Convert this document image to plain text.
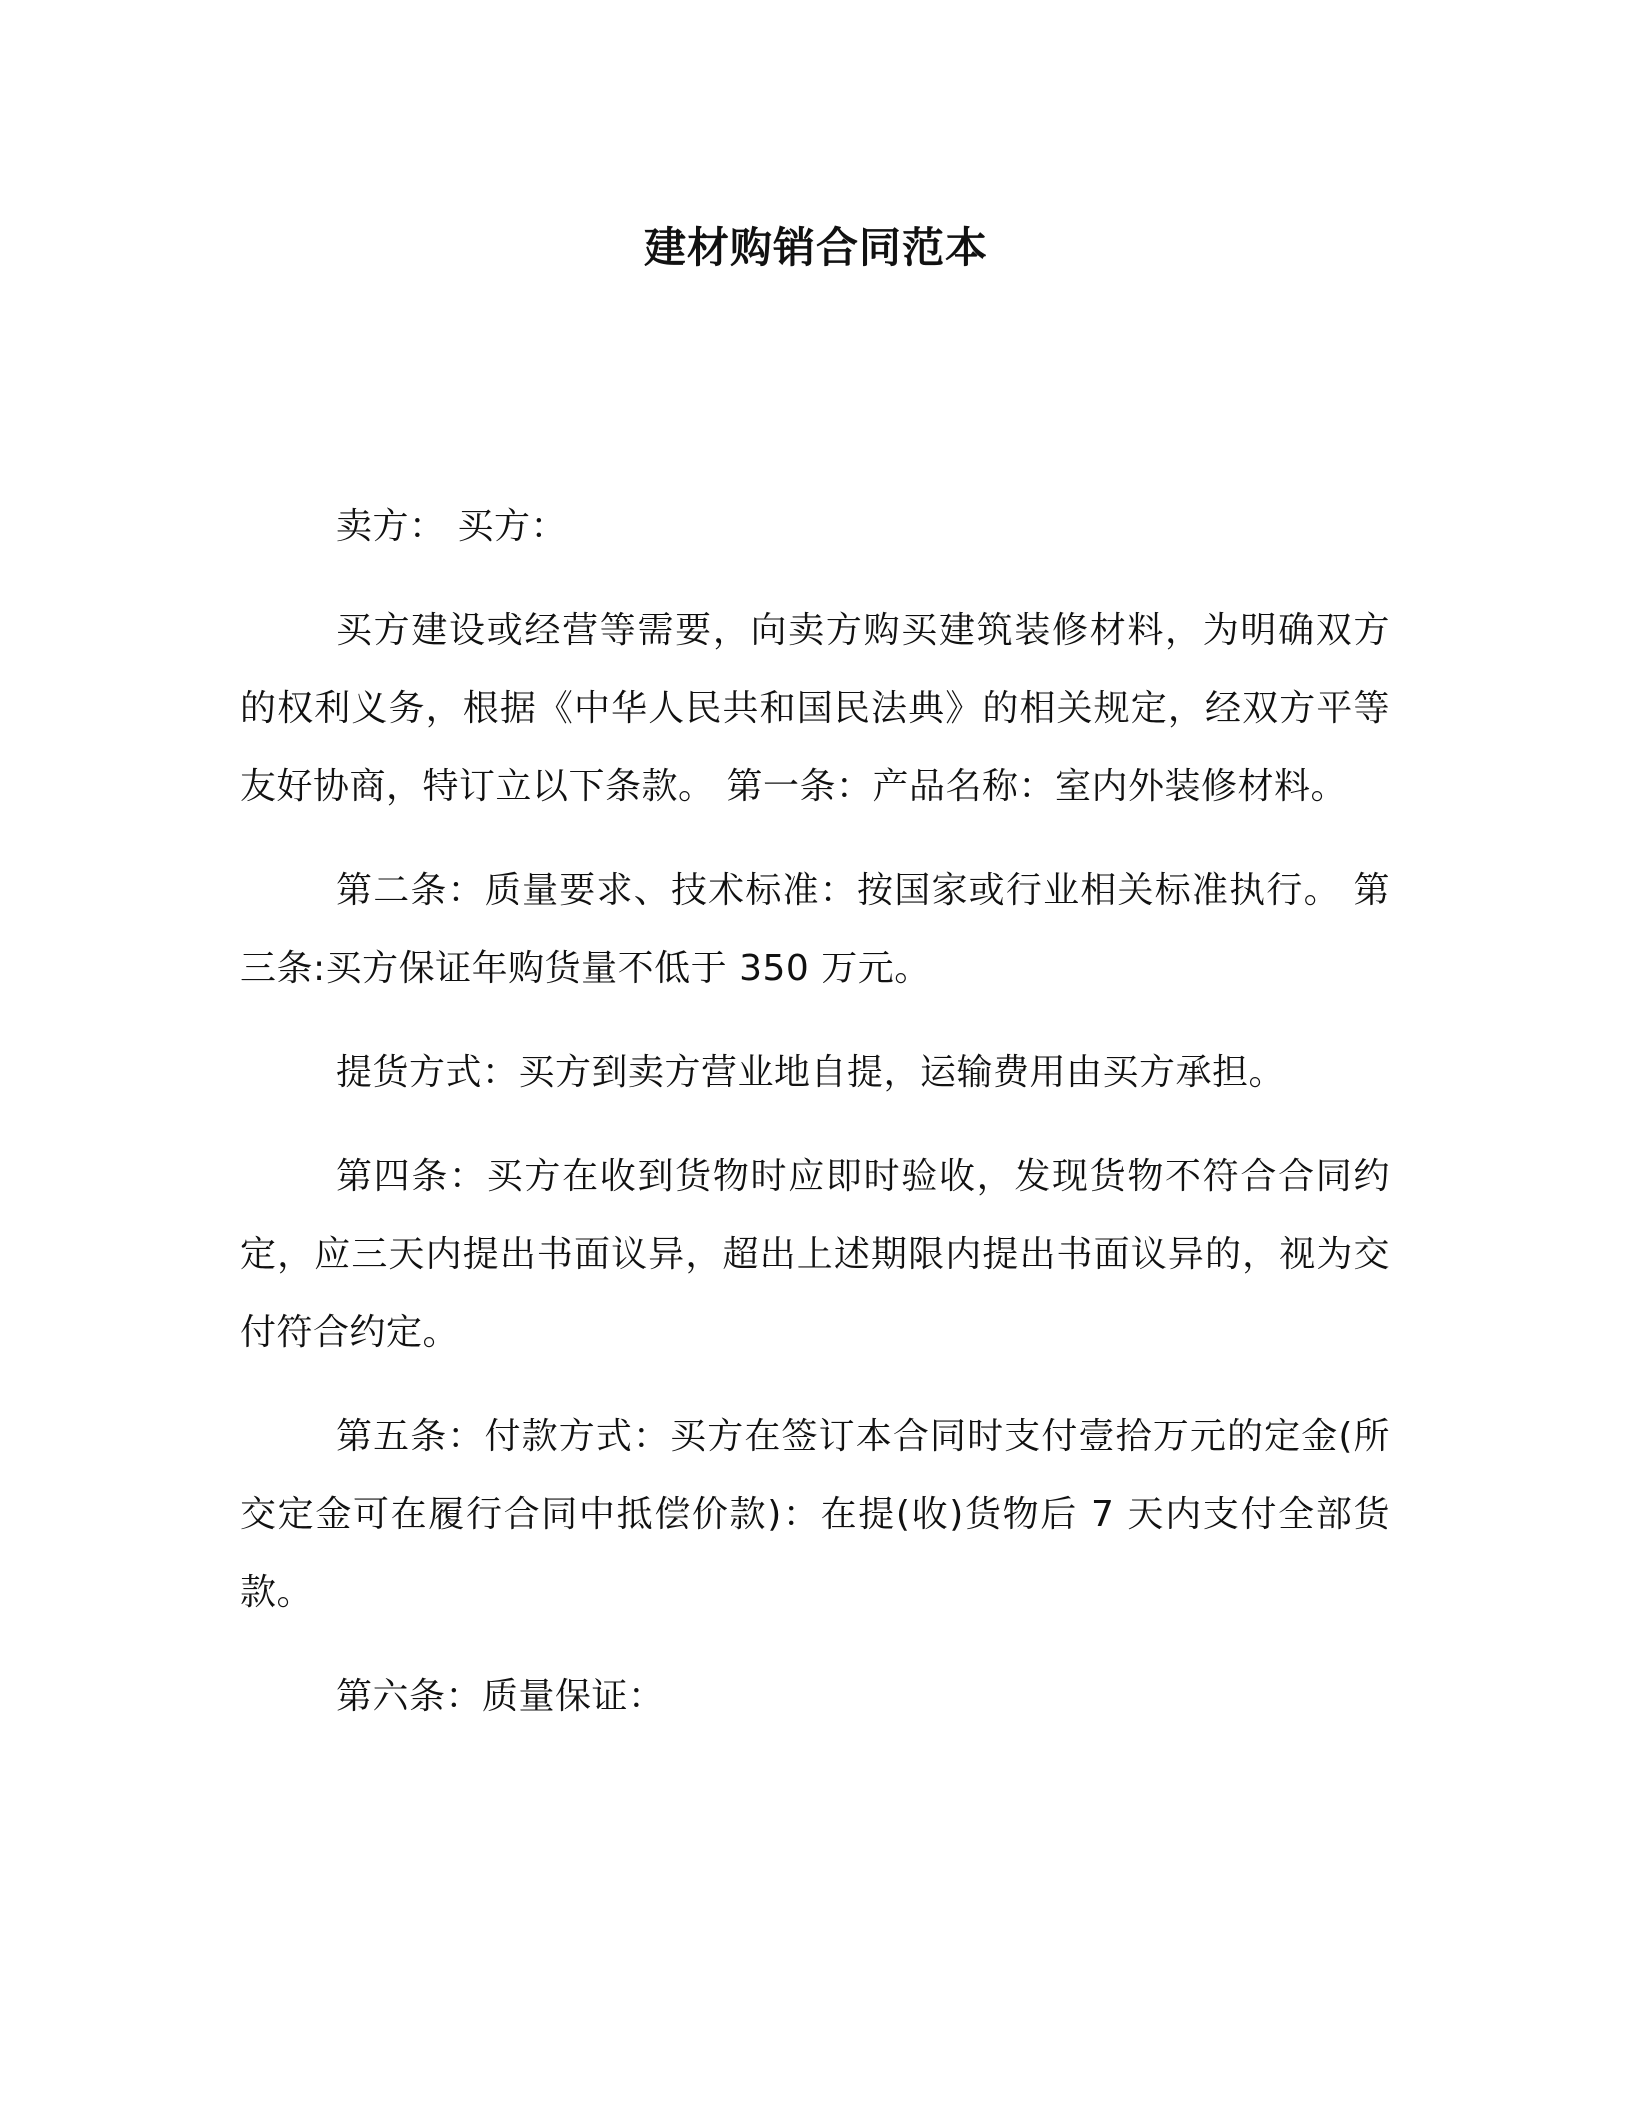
建材购销合同范本

卖方： 买方：

买方建设或经营等需要，向卖方购买建筑装修材料，为明确双方的权利义务，根据《中华人民共和国民法典》的相关规定，经双方平等友好协商，特订立以下条款。 第一条：产品名称：室内外装修材料。

第二条：质量要求、技术标准：按国家或行业相关标准执行。 第三条:买方保证年购货量不低于 350 万元。

提货方式：买方到卖方营业地自提，运输费用由买方承担。

第四条：买方在收到货物时应即时验收，发现货物不符合合同约定，应三天内提出书面议异，超出上述期限内提出书面议异的，视为交付符合约定。

第五条：付款方式：买方在签订本合同时支付壹拾万元的定金(所交定金可在履行合同中抵偿价款)：在提(收)货物后 7 天内支付全部货款。

第六条：质量保证：
